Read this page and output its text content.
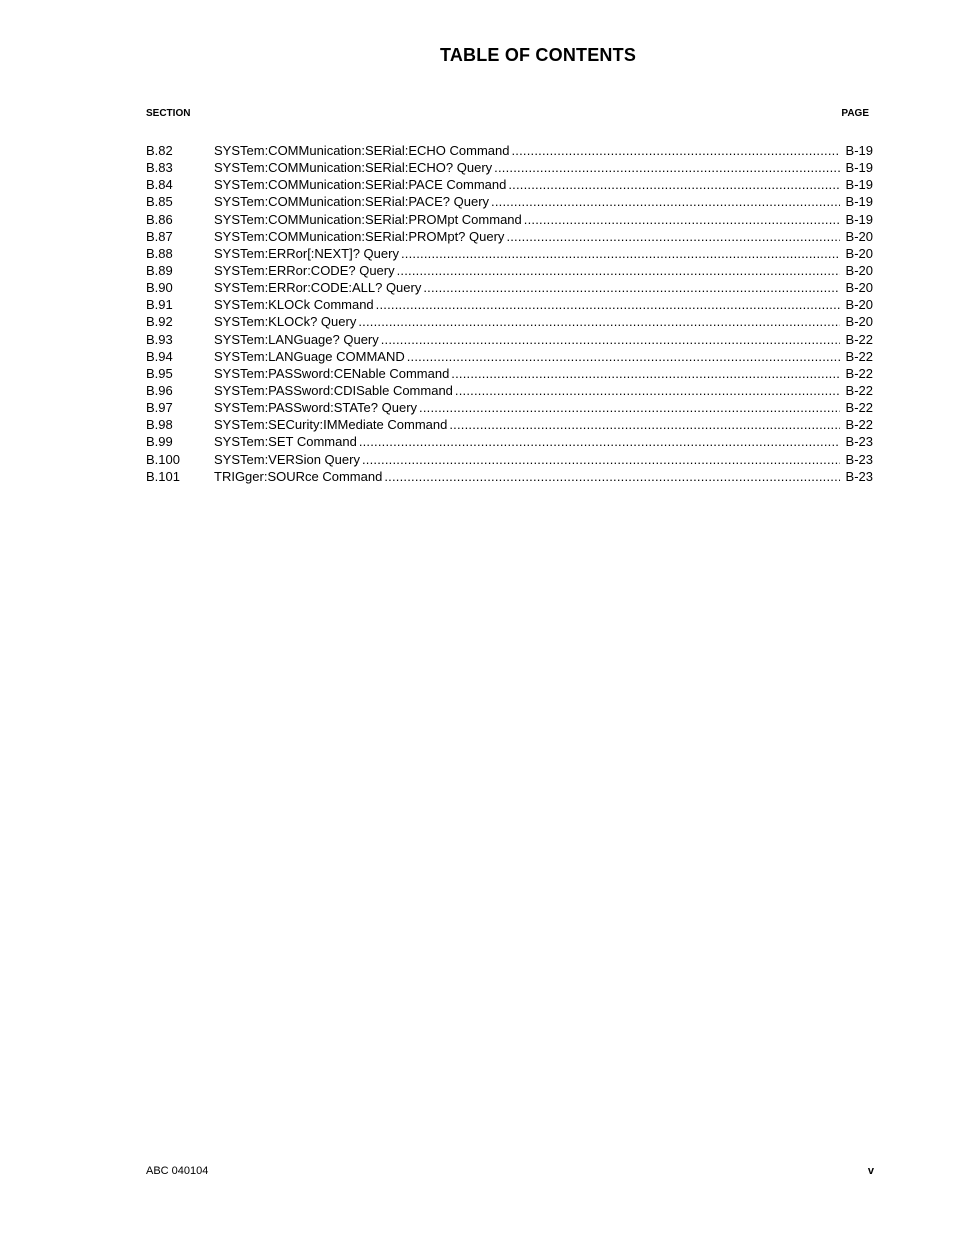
TABLE OF CONTENTS
SECTION	PAGE
B.82	SYSTem:COMMunication:SERial:ECHO Command .....	B-19
B.83	SYSTem:COMMunication:SERial:ECHO? Query .....	B-19
B.84	SYSTem:COMMunication:SERial:PACE Command .....	B-19
B.85	SYSTem:COMMunication:SERial:PACE? Query .....	B-19
B.86	SYSTem:COMMunication:SERial:PROMpt Command .....	B-19
B.87	SYSTem:COMMunication:SERial:PROMpt? Query .....	B-20
B.88	SYSTem:ERRor[:NEXT]? Query .....	B-20
B.89	SYSTem:ERRor:CODE? Query .....	B-20
B.90	SYSTem:ERRor:CODE:ALL? Query .....	B-20
B.91	SYSTem:KLOCk Command .....	B-20
B.92	SYSTem:KLOCk? Query .....	B-20
B.93	SYSTem:LANGuage? Query .....	B-22
B.94	SYSTem:LANGuage COMMAND .....	B-22
B.95	SYSTem:PASSword:CENable Command .....	B-22
B.96	SYSTem:PASSword:CDISable Command .....	B-22
B.97	SYSTem:PASSword:STATe? Query .....	B-22
B.98	SYSTem:SECurity:IMMediate Command .....	B-22
B.99	SYSTem:SET Command .....	B-23
B.100	SYSTem:VERSion Query .....	B-23
B.101	TRIGger:SOURce Command .....	B-23
ABC 040104	v
